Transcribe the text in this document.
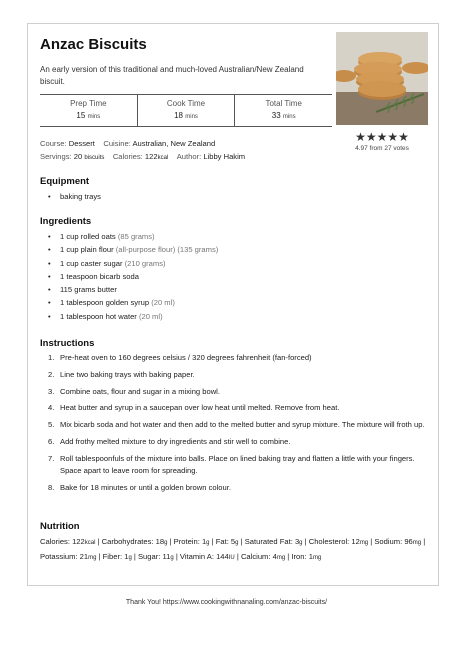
Anzac Biscuits
An early version of this traditional and much-loved Australian/New Zealand biscuit.
★★★★★
4.97 from 27 votes
Prep Time
15 mins
Cook Time
18 mins
Total Time
33 mins
Course: Dessert Cuisine: Australian, New Zealand
Servings: 20 biscuits Calories: 122kcal Author: Libby Hakim
Equipment
• baking trays
Ingredients
• 1 cup rolled oats (85 grams)
• 1 cup plain flour (all-purpose flour) (135 grams)
• 1 cup caster sugar (210 grams)
• 1 teaspoon bicarb soda
• 115 grams butter
• 1 tablespoon golden syrup (20 ml)
• 1 tablespoon hot water (20 ml)
Instructions
1. Pre-heat oven to 160 degrees celsius / 320 degrees fahrenheit (fan-forced)
2. Line two baking trays with baking paper.
3. Combine oats, flour and sugar in a mixing bowl.
4. Heat butter and syrup in a saucepan over low heat until melted. Remove from heat.
5. Mix bicarb soda and hot water and then add to the melted butter and syrup mixture. The mixture will froth up.
6. Add frothy melted mixture to dry ingredients and stir well to combine.
7. Roll tablespoonfuls of the mixture into balls. Place on lined baking tray and flatten a little with your fingers. Space apart to leave room for spreading.
8. Bake for 18 minutes or until a golden brown colour.
Nutrition
Calories: 122kcal | Carbohydrates: 18g | Protein: 1g | Fat: 5g | Saturated Fat: 3g | Cholesterol: 12mg | Sodium: 96mg | Potassium: 21mg | Fiber: 1g | Sugar: 11g | Vitamin A: 144IU | Calcium: 4mg | Iron: 1mg
Thank You! https://www.cookingwithnanaling.com/anzac-biscuits/
